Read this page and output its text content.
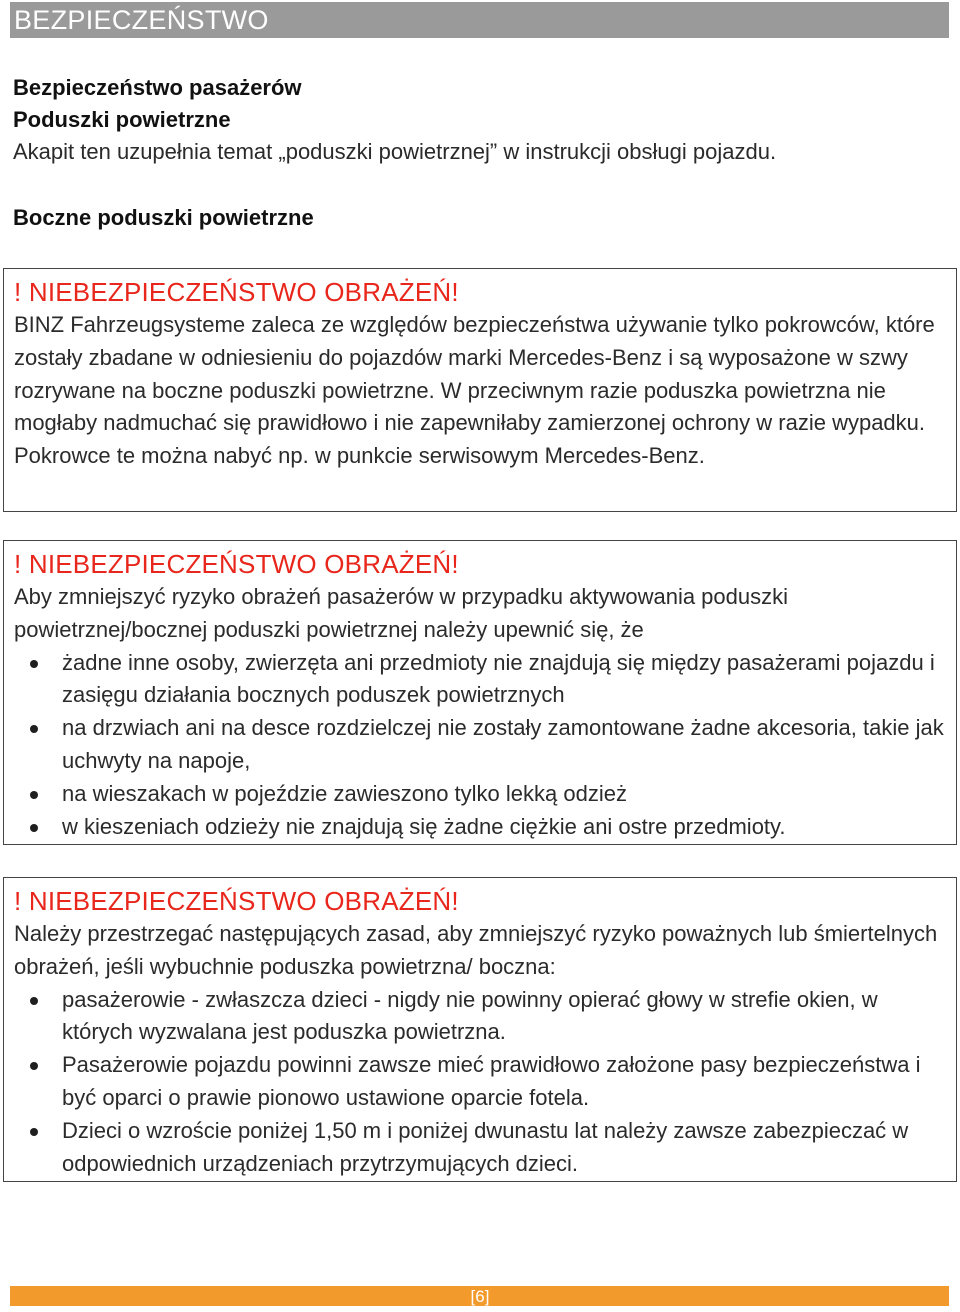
BEZPIECZEŃSTWO
Bezpieczeństwo pasażerów
Poduszki powietrzne
Akapit ten uzupełnia temat „poduszki powietrznej” w instrukcji obsługi pojazdu.
Boczne poduszki powietrzne
! NIEBEZPIECZEŃSTWO OBRAŻEŃ!
BINZ Fahrzeugsysteme zaleca ze względów bezpieczeństwa używanie tylko pokrowców, które zostały zbadane w odniesieniu do pojazdów marki Mercedes-Benz i są wyposażone w szwy rozrywane na boczne poduszki powietrzne. W przeciwnym razie poduszka powietrzna nie mogłaby nadmuchać się prawidłowo i nie zapewniłaby zamierzonej ochrony w razie wypadku. Pokrowce te można nabyć np. w punkcie serwisowym Mercedes-Benz.
! NIEBEZPIECZEŃSTWO OBRAŻEŃ!
Aby zmniejszyć ryzyko obrażeń pasażerów w przypadku aktywowania poduszki powietrznej/bocznej poduszki powietrznej należy upewnić się, że
żadne inne osoby, zwierzęta ani przedmioty nie znajdują się między pasażerami pojazdu i zasięgu działania bocznych poduszek powietrznych
na drzwiach ani na desce rozdzielczej nie zostały zamontowane żadne akcesoria, takie jak uchwyty na napoje,
na wieszakach w pojeździe zawieszono tylko lekką odzież
w kieszeniach odzieży nie znajdują się żadne ciężkie ani ostre przedmioty.
! NIEBEZPIECZEŃSTWO OBRAŻEŃ!
Należy przestrzegać następujących zasad, aby zmniejszyć ryzyko poważnych lub śmiertelnych obrażeń, jeśli wybuchnie poduszka powietrzna/ boczna:
pasażerowie - zwłaszcza dzieci - nigdy nie powinny opierać głowy w strefie okien, w których wyzwalana jest poduszka powietrzna.
Pasażerowie pojazdu powinni zawsze mieć prawidłowo założone pasy bezpieczeństwa i być oparci o prawie pionowo ustawione oparcie fotela.
Dzieci o wzroście poniżej 1,50 m i poniżej dwunastu lat należy zawsze zabezpieczać w odpowiednich urządzeniach przytrzymujących dzieci.
[6]
